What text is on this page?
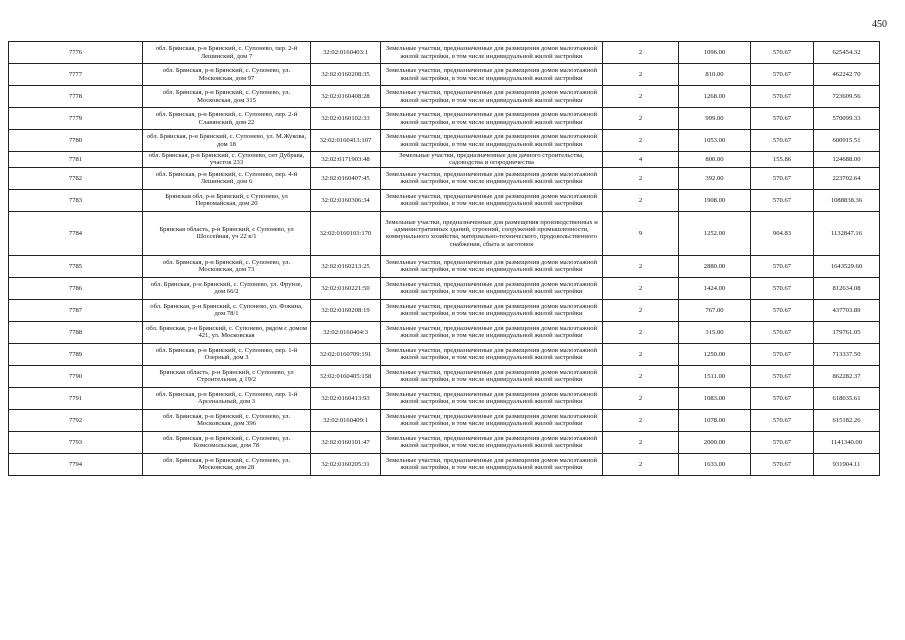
450
7776	обл. Брянская, р-н Брянский, с. Супонево, пер. 2-й Лешинский, дом 7	32:02:0160403:1	Земельные участки, предназначенные для размещения домов малоэтажной жилой застройки, в том числе индивидуальной жилой застройки	2	1096.00	570.67	625454.32
7777	обл. Брянская, р-н Брянский, с. Супонево, ул. Московская, дом 97	32:02:0160208:35	Земельные участки, предназначенные для размещения домов малоэтажной жилой застройки, в том числе индивидуальной жилой застройки	2	810.00	570.67	462242.70
7778	обл. Брянская, р-н Брянский, с. Супонево, ул. Московская, дом 315	32:02:0160408:28	Земельные участки, предназначенные для размещения домов малоэтажной жилой застройки, в том числе индивидуальной жилой застройки	2	1268.00	570.67	723609.56
7779	обл. Брянская, р-н Брянский, с. Супонево, пер. 2-й Славянский, дом 22	32:02:0160102:33	Земельные участки, предназначенные для размещения домов малоэтажной жилой застройки, в том числе индивидуальной жилой застройки	2	999.00	570.67	570099.33
7780	обл. Брянская, р-н Брянский, с. Супонево, ул. М.Жукова, дом 18	32:02:0160413:107	Земельные участки, предназначенные для размещения домов малоэтажной жилой застройки, в том числе индивидуальной жилой застройки	2	1053.00	570.67	600915.51
7781	обл. Брянская, р-н Брянский, с. Супонево, снт Дубрава, участок 233	32:02:0171903:48	Земельные участки, предназначенные для дачного строительства, садоводства и огородничества	4	800.00	155.86	124688.00
7782	обл. Брянская, р-н Брянский, с. Супонево, пер. 4-й Лешинский, дом 6	32:02:0160407:45	Земельные участки, предназначенные для размещения домов малоэтажной жилой застройки, в том числе индивидуальной жилой застройки	2	392.00	570.67	223702.64
7783	Брянская обл, р-н Брянский, с Супонево, ул Первомайская, дом 20	32:02:0160306:34	Земельные участки, предназначенные для размещения домов малоэтажной жилой застройки, в том числе индивидуальной жилой застройки	2	1908.00	570.67	1088838.36
7784	Брянская область, р-н Брянский, с Супонево, ул Шоссейная, уч 22 в/1	32:02:0160103:170	Земельные участки, предназначенные для размещения производственных и административных зданий, строений, сооружений промышленности, коммунального хозяйства, материально-технического, продовольственного снабжения, сбыта и заготовок	9	1252.00	904.83	1132847.16
7785	обл. Брянская, р-н Брянский, с. Супонево, ул. Московская, дом 73	32:02:0160213:25	Земельные участки, предназначенные для размещения домов малоэтажной жилой застройки, в том числе индивидуальной жилой застройки	2	2880.00	570.67	1643529.60
7786	обл. Брянская, р-н Брянский, с. Супонево, ул. Фрунзе, дом 66/2	32:02:0160221:50	Земельные участки, предназначенные для размещения домов малоэтажной жилой застройки, в том числе индивидуальной жилой застройки	2	1424.00	570.67	812634.08
7787	обл. Брянская, р-н Брянский, с. Супонево, ул. Фокина, дом 78/1	32:02:0160208:19	Земельные участки, предназначенные для размещения домов малоэтажной жилой застройки, в том числе индивидуальной жилой застройки	2	767.00	570.67	437703.89
7788	обл. Брянская, р-н Брянский, с. Супонево, рядом с домом 421, ул. Московская	32:02:0160404:3	Земельные участки, предназначенные для размещения домов малоэтажной жилой застройки, в том числе индивидуальной жилой застройки	2	315.00	570.67	179761.05
7789	обл. Брянская, р-н Брянский, с. Супонево, пер. 1-й Озерный, дом 3	32:02:0160709:191	Земельные участки, предназначенные для размещения домов малоэтажной жилой застройки, в том числе индивидуальной жилой застройки	2	1250.00	570.67	713337.50
7790	Брянская область, р-н Брянский, с Супонево, ул Строительная, д 19/2	32:02:0160405:158	Земельные участки, предназначенные для размещения домов малоэтажной жилой застройки, в том числе индивидуальной жилой застройки	2	1511.00	570.67	862282.37
7791	обл. Брянская, р-н Брянский, с. Супонево, пер. 1-й Арсенальный, дом 3	32:02:0160413:93	Земельные участки, предназначенные для размещения домов малоэтажной жилой застройки, в том числе индивидуальной жилой застройки	2	1083.00	570.67	618035.61
7792	обл. Брянская, р-н Брянский, с. Супонево, ул. Московская, дом 396	32:02:0160409:1	Земельные участки, предназначенные для размещения домов малоэтажной жилой застройки, в том числе индивидуальной жилой застройки	2	1078.00	570.67	615182.26
7793	обл. Брянская, р-н Брянский, с. Супонево, ул. Комсомольская, дом 78	32:02:0160101:47	Земельные участки, предназначенные для размещения домов малоэтажной жилой застройки, в том числе индивидуальной жилой застройки	2	2000.00	570.67	1141340.00
7794	обл. Брянская, р-н Брянский, с. Супонево, ул. Московская, дом 28	32:02:0160205:31	Земельные участки, предназначенные для размещения домов малоэтажной жилой застройки, в том числе индивидуальной жилой застройки	2	1633.00	570.67	931904.11
